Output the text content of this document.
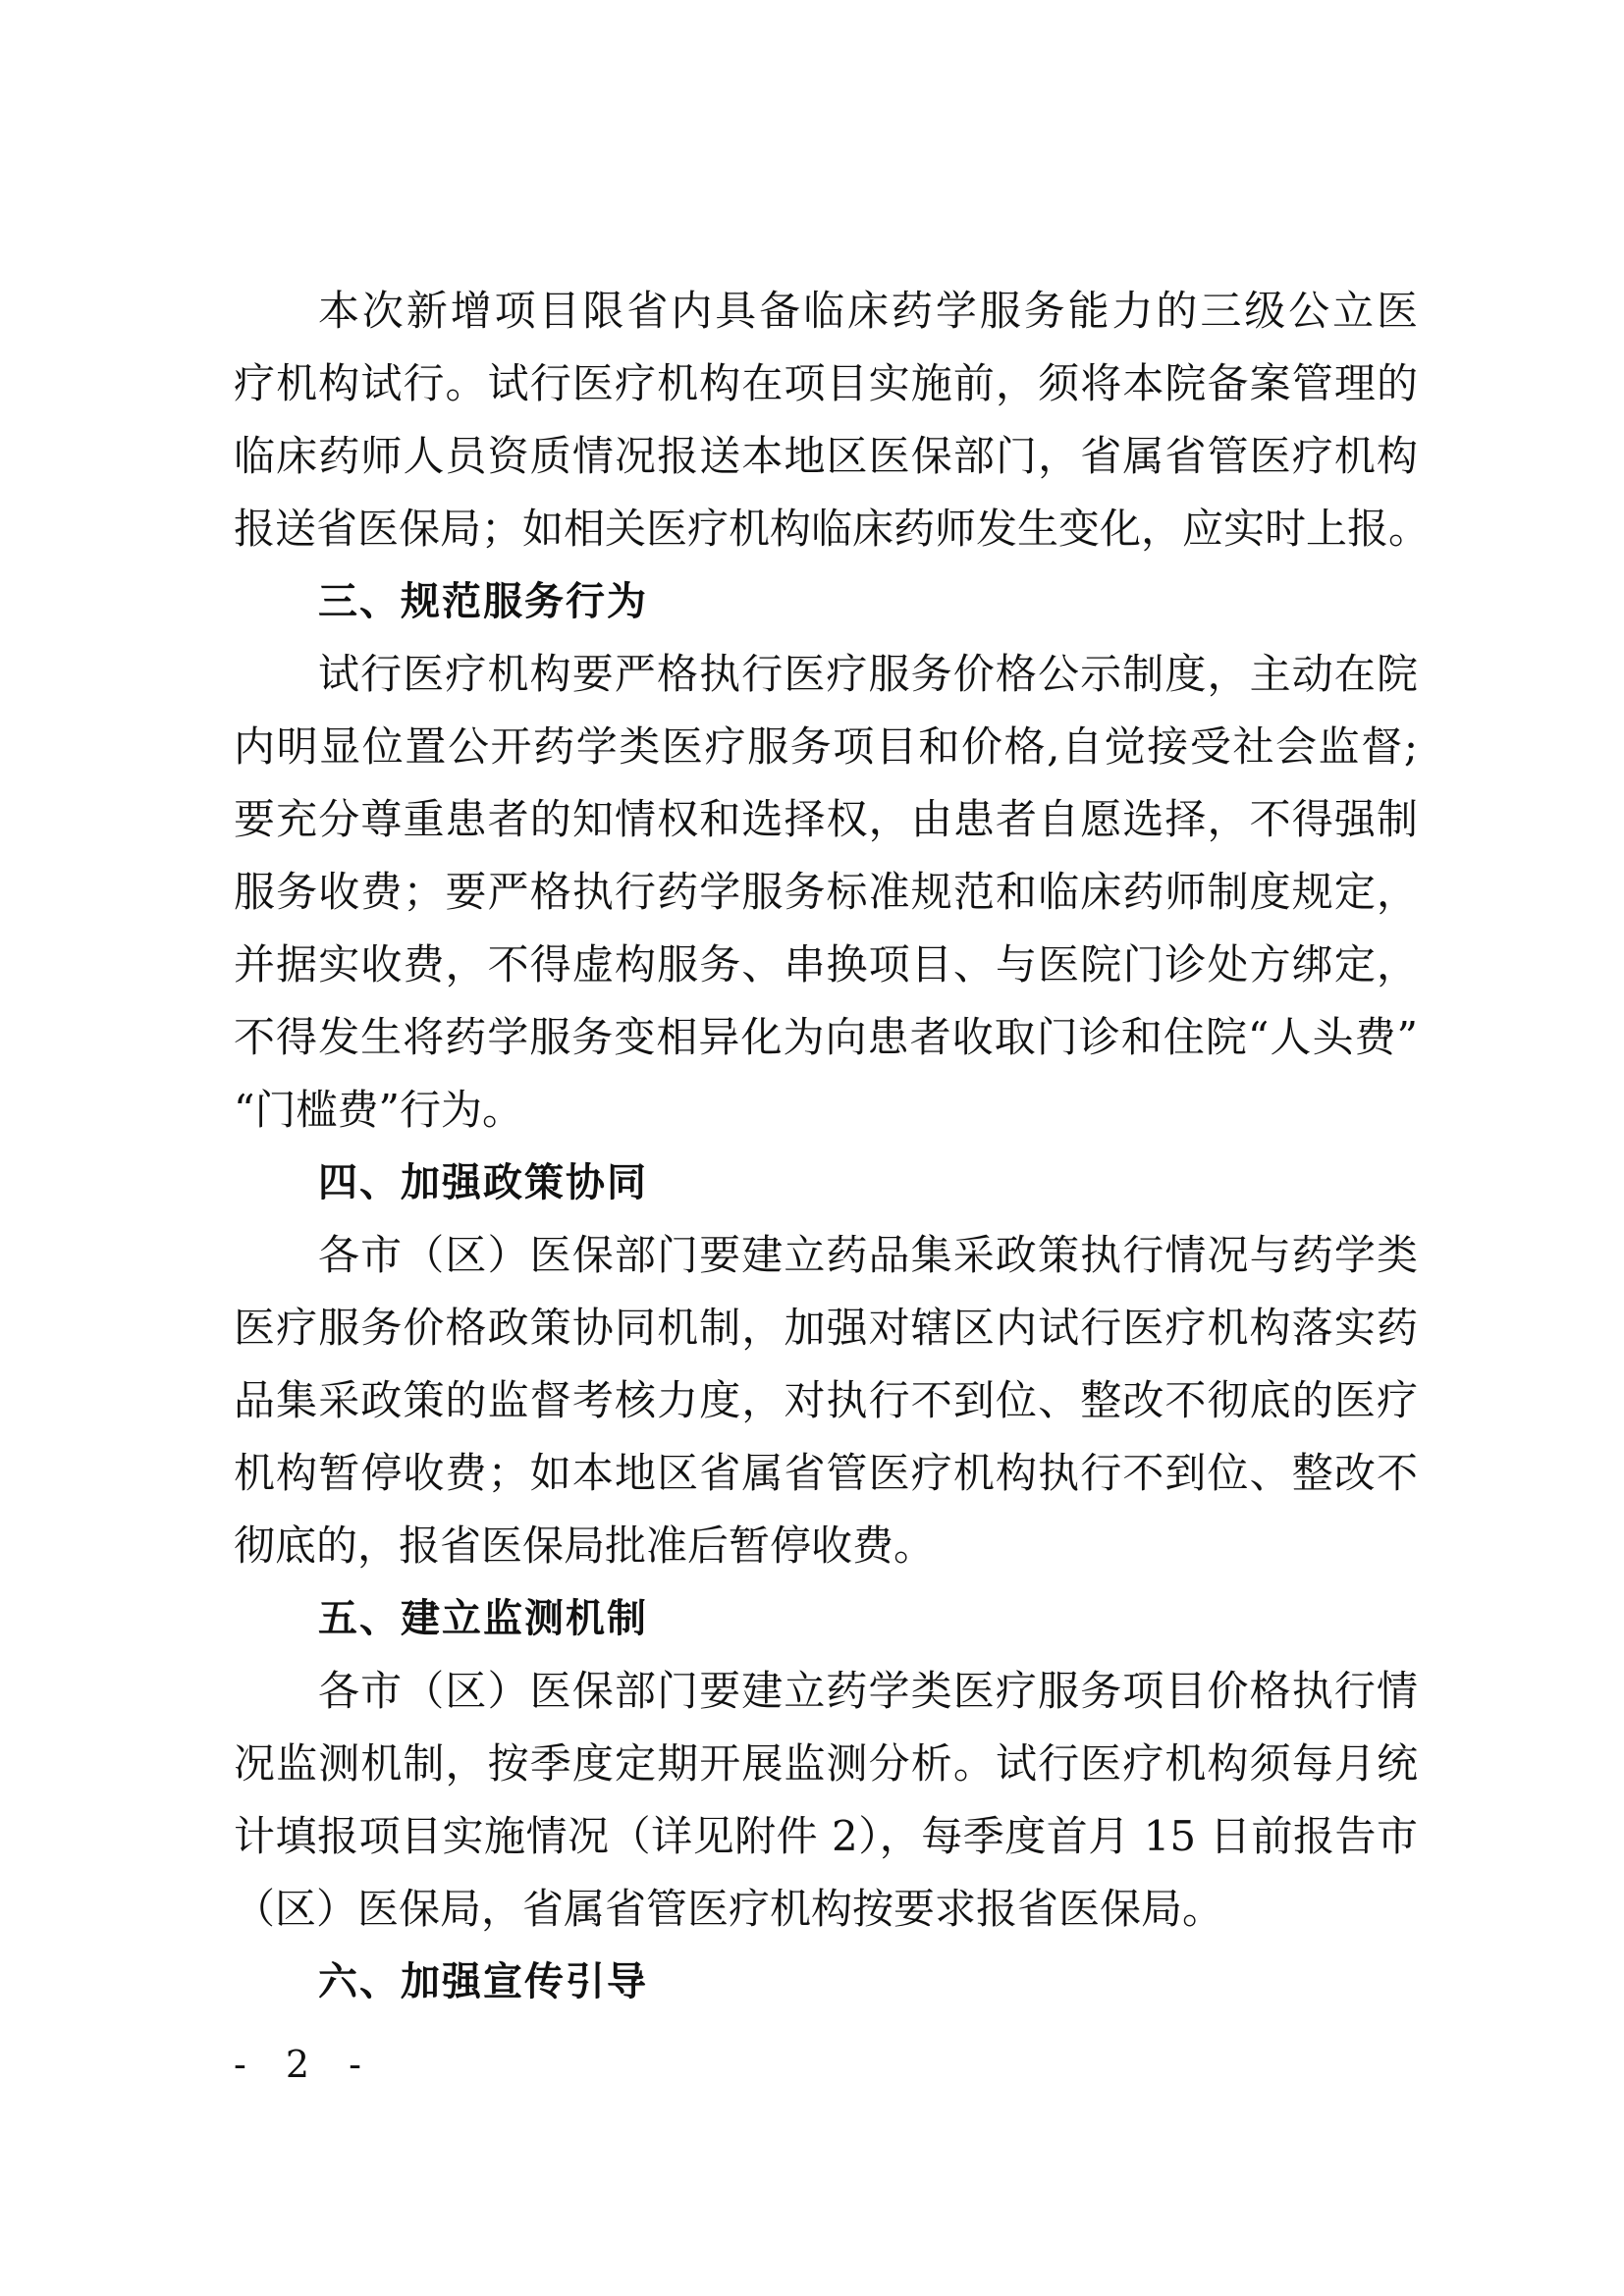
本次新增项目限省内具备临床药学服务能力的三级公立医
疗机构试行。试行医疗机构在项目实施前，须将本院备案管理的
临床药师人员资质情况报送本地区医保部门，省属省管医疗机构
报送省医保局；如相关医疗机构临床药师发生变化，应实时上报。
三、规范服务行为
试行医疗机构要严格执行医疗服务价格公示制度，主动在院
内明显位置公开药学类医疗服务项目和价格,自觉接受社会监督;
要充分尊重患者的知情权和选择权，由患者自愿选择，不得强制
服务收费；要严格执行药学服务标准规范和临床药师制度规定，
并据实收费，不得虚构服务、串换项目、与医院门诊处方绑定，
不得发生将药学服务变相异化为向患者收取门诊和住院“人头费”
“门槛费”行为。
四、加强政策协同
各市（区）医保部门要建立药品集采政策执行情况与药学类
医疗服务价格政策协同机制，加强对辖区内试行医疗机构落实药
品集采政策的监督考核力度，对执行不到位、整改不彻底的医疗
机构暂停收费；如本地区省属省管医疗机构执行不到位、整改不
彻底的，报省医保局批准后暂停收费。
五、建立监测机制
各市（区）医保部门要建立药学类医疗服务项目价格执行情
况监测机制，按季度定期开展监测分析。试行医疗机构须每月统
计填报项目实施情况（详见附件 2），每季度首月 15 日前报告市
（区）医保局，省属省管医疗机构按要求报省医保局。
六、加强宣传引导
- 2 -
